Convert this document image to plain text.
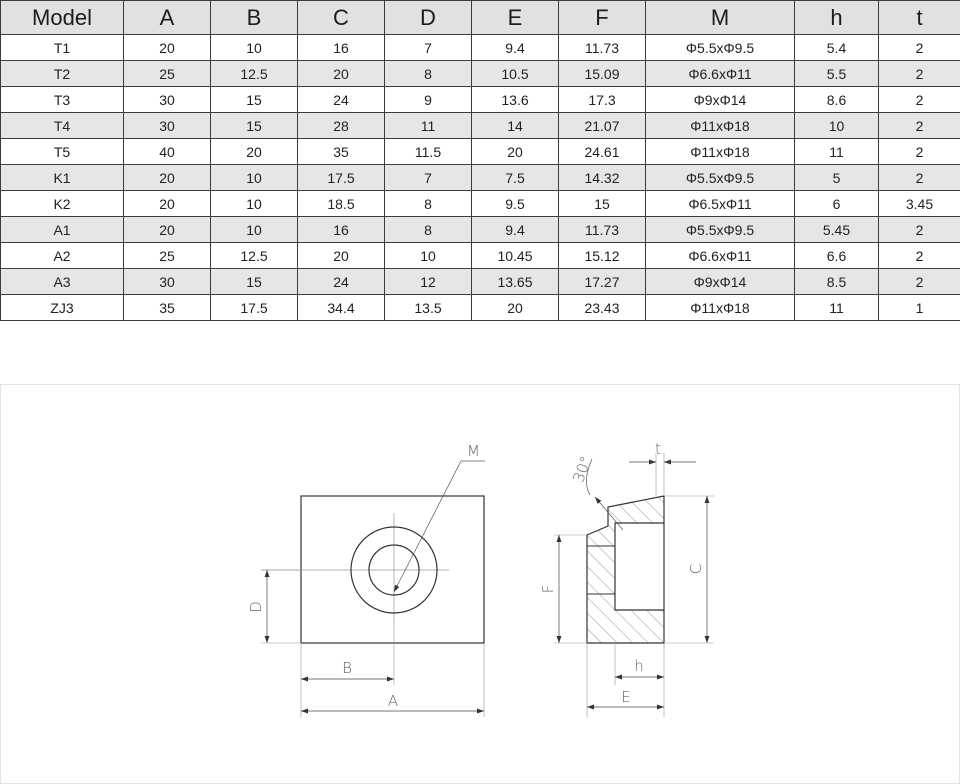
Model	A	B	C	D	E	F	M	h	t
T1	20	10	16	7	9.4	11.73	Φ5.5xΦ9.5	5.4	2
T2	25	12.5	20	8	10.5	15.09	Φ6.6xΦ11	5.5	2
T3	30	15	24	9	13.6	17.3	Φ9xΦ14	8.6	2
T4	30	15	28	11	14	21.07	Φ11xΦ18	10	2
T5	40	20	35	11.5	20	24.61	Φ11xΦ18	11	2
K1	20	10	17.5	7	7.5	14.32	Φ5.5xΦ9.5	5	2
K2	20	10	18.5	8	9.5	15	Φ6.5xΦ11	6	3.45
A1	20	10	16	8	9.4	11.73	Φ5.5xΦ9.5	5.45	2
A2	25	12.5	20	10	10.45	15.12	Φ6.6xΦ11	6.6	2
A3	30	15	24	12	13.65	17.27	Φ9xΦ14	8.5	2
ZJ3	35	17.5	34.4	13.5	20	23.43	Φ11xΦ18	11	1
M
D
B
A
30°
t
F
C
h
E
